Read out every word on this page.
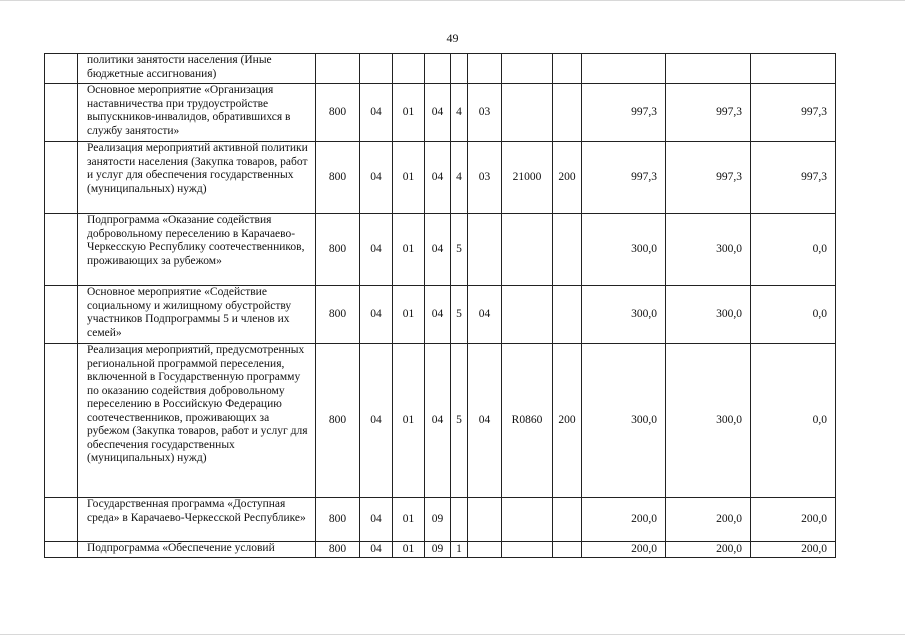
49
	политики занятости населения (Иные бюджетные ассигнования)											
	Основное мероприятие «Организация наставничества при трудоустройстве выпускников-инвалидов, обратившихся в службу занятости»	800	04	01	04	4	03			997,3	997,3	997,3
	Реализация мероприятий активной политики занятости населения (Закупка товаров, работ и услуг для обеспечения государственных (муниципальных) нужд)	800	04	01	04	4	03	21000	200	997,3	997,3	997,3
	Подпрограмма «Оказание содействия добровольному переселению в Карачаево-Черкесскую Республику соотечественников, проживающих за рубежом»	800	04	01	04	5				300,0	300,0	0,0
	Основное мероприятие «Содействие социальному и жилищному обустройству участников Подпрограммы 5 и членов их семей»	800	04	01	04	5	04			300,0	300,0	0,0
	Реализация мероприятий, предусмотренных региональной программой переселения, включенной в Государственную программу по оказанию содействия добровольному переселению в Российскую Федерацию соотечественников, проживающих за рубежом (Закупка товаров, работ и услуг для обеспечения государственных (муниципальных) нужд)	800	04	01	04	5	04	R0860	200	300,0	300,0	0,0
	Государственная программа «Доступная среда» в Карачаево-Черкесской Республике»	800	04	01	09					200,0	200,0	200,0
	Подпрограмма «Обеспечение условий	800	04	01	09	1				200,0	200,0	200,0
